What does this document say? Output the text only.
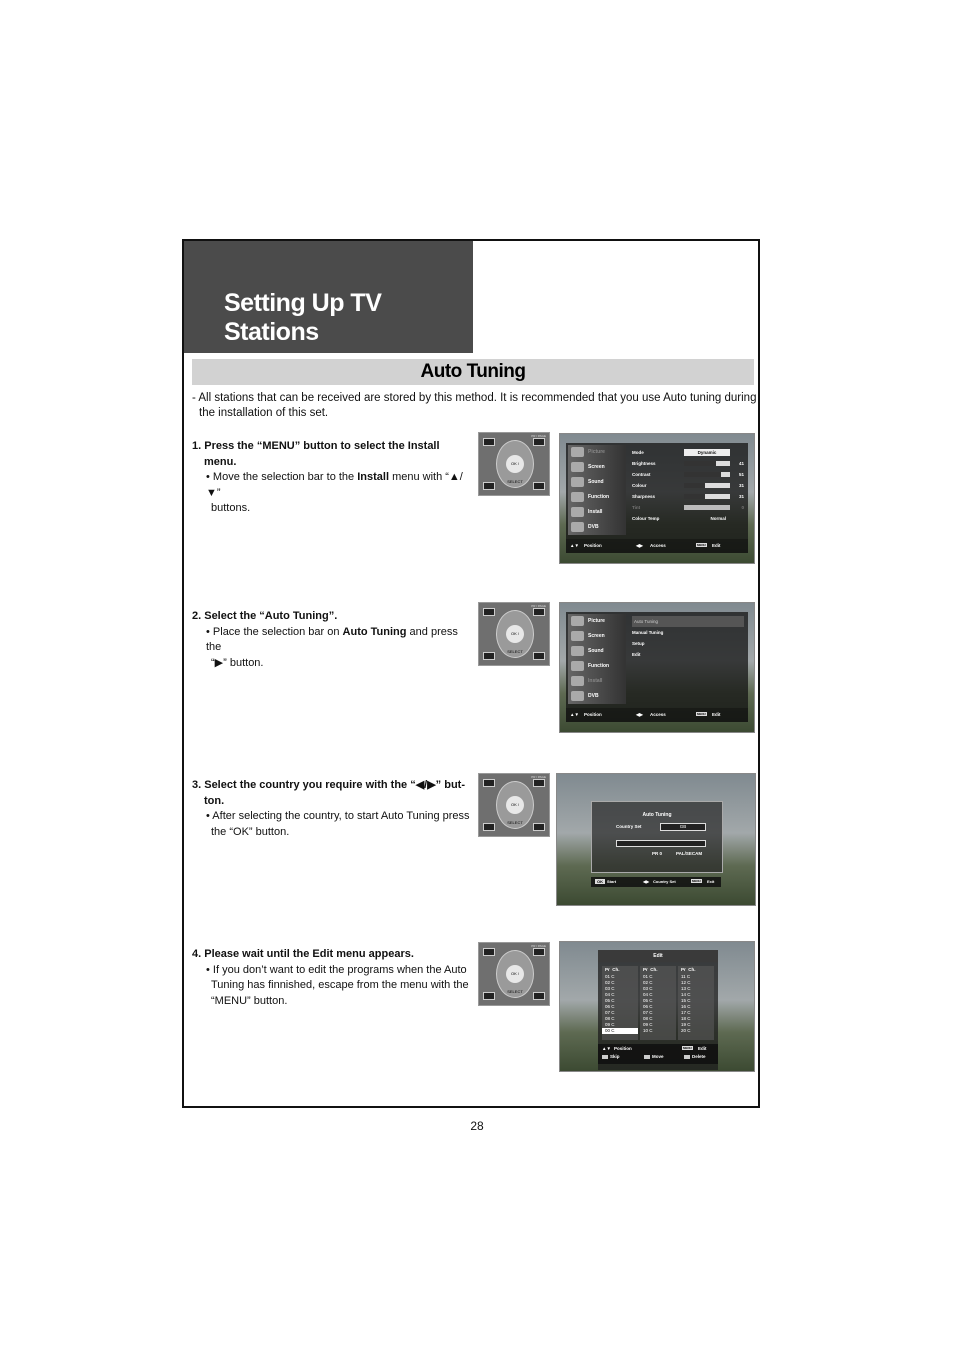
Setting Up TV Stations
Auto Tuning
- All stations that can be received are stored by this method. It is recommended that you use Auto tuning during
the installation of this set.
1. Press the “MENU” button to select the Install
menu.
• Move the selection bar to the Install menu with “▲/▼”
buttons.
2. Select the “Auto Tuning”.
• Place the selection bar on Auto Tuning and press the
“▶” button.
3. Select the country you require with the “◀/▶” but-
ton.
• After selecting the country, to start Auto Tuning press
the “OK” button.
4. Please wait until the Edit menu appears.
• If you don’t want to edit the programs when the Auto
Tuning has finnished, escape from the menu with the
“MENU” button.
OK / SELECT
PR / PAGE
OK / SELECT
PR / PAGE
OK / SELECT
PR / PAGE
OK / SELECT
PR / PAGE
Picture
Screen
Sound
Function
Install
DVB
Mode	Dynamic
Brightness	41
Contrast	51
Colour	31
Sharpness	31
Tint	0
Colour Temp	Normal
▲▼ Position	◀▶ Access	MENU Edit
Picture
Screen
Sound
Function
Install
DVB
Auto Tuning
Manual Tuning
Setup
Edit
▲▼ Position	◀▶ Access	MENU Edit
Auto Tuning
Country Set	GB
PR 0	PAL/SECAM
OK	Start	◀▶ Country Set	MENU Exit
Edit
Pr Ch.
01 C
02 C
03 C
04 C
05 C
06 C
07 C
08 C
09 C
00 C
Pr Ch.
01 C
02 C
03 C
04 C
05 C
06 C
07 C
08 C
09 C
10 C
Pr Ch.
11 C
12 C
13 C
14 C
15 C
16 C
17 C
18 C
19 C
20 C
▲▼ Position	MENU Edit
Skip	Move	Delete
28
